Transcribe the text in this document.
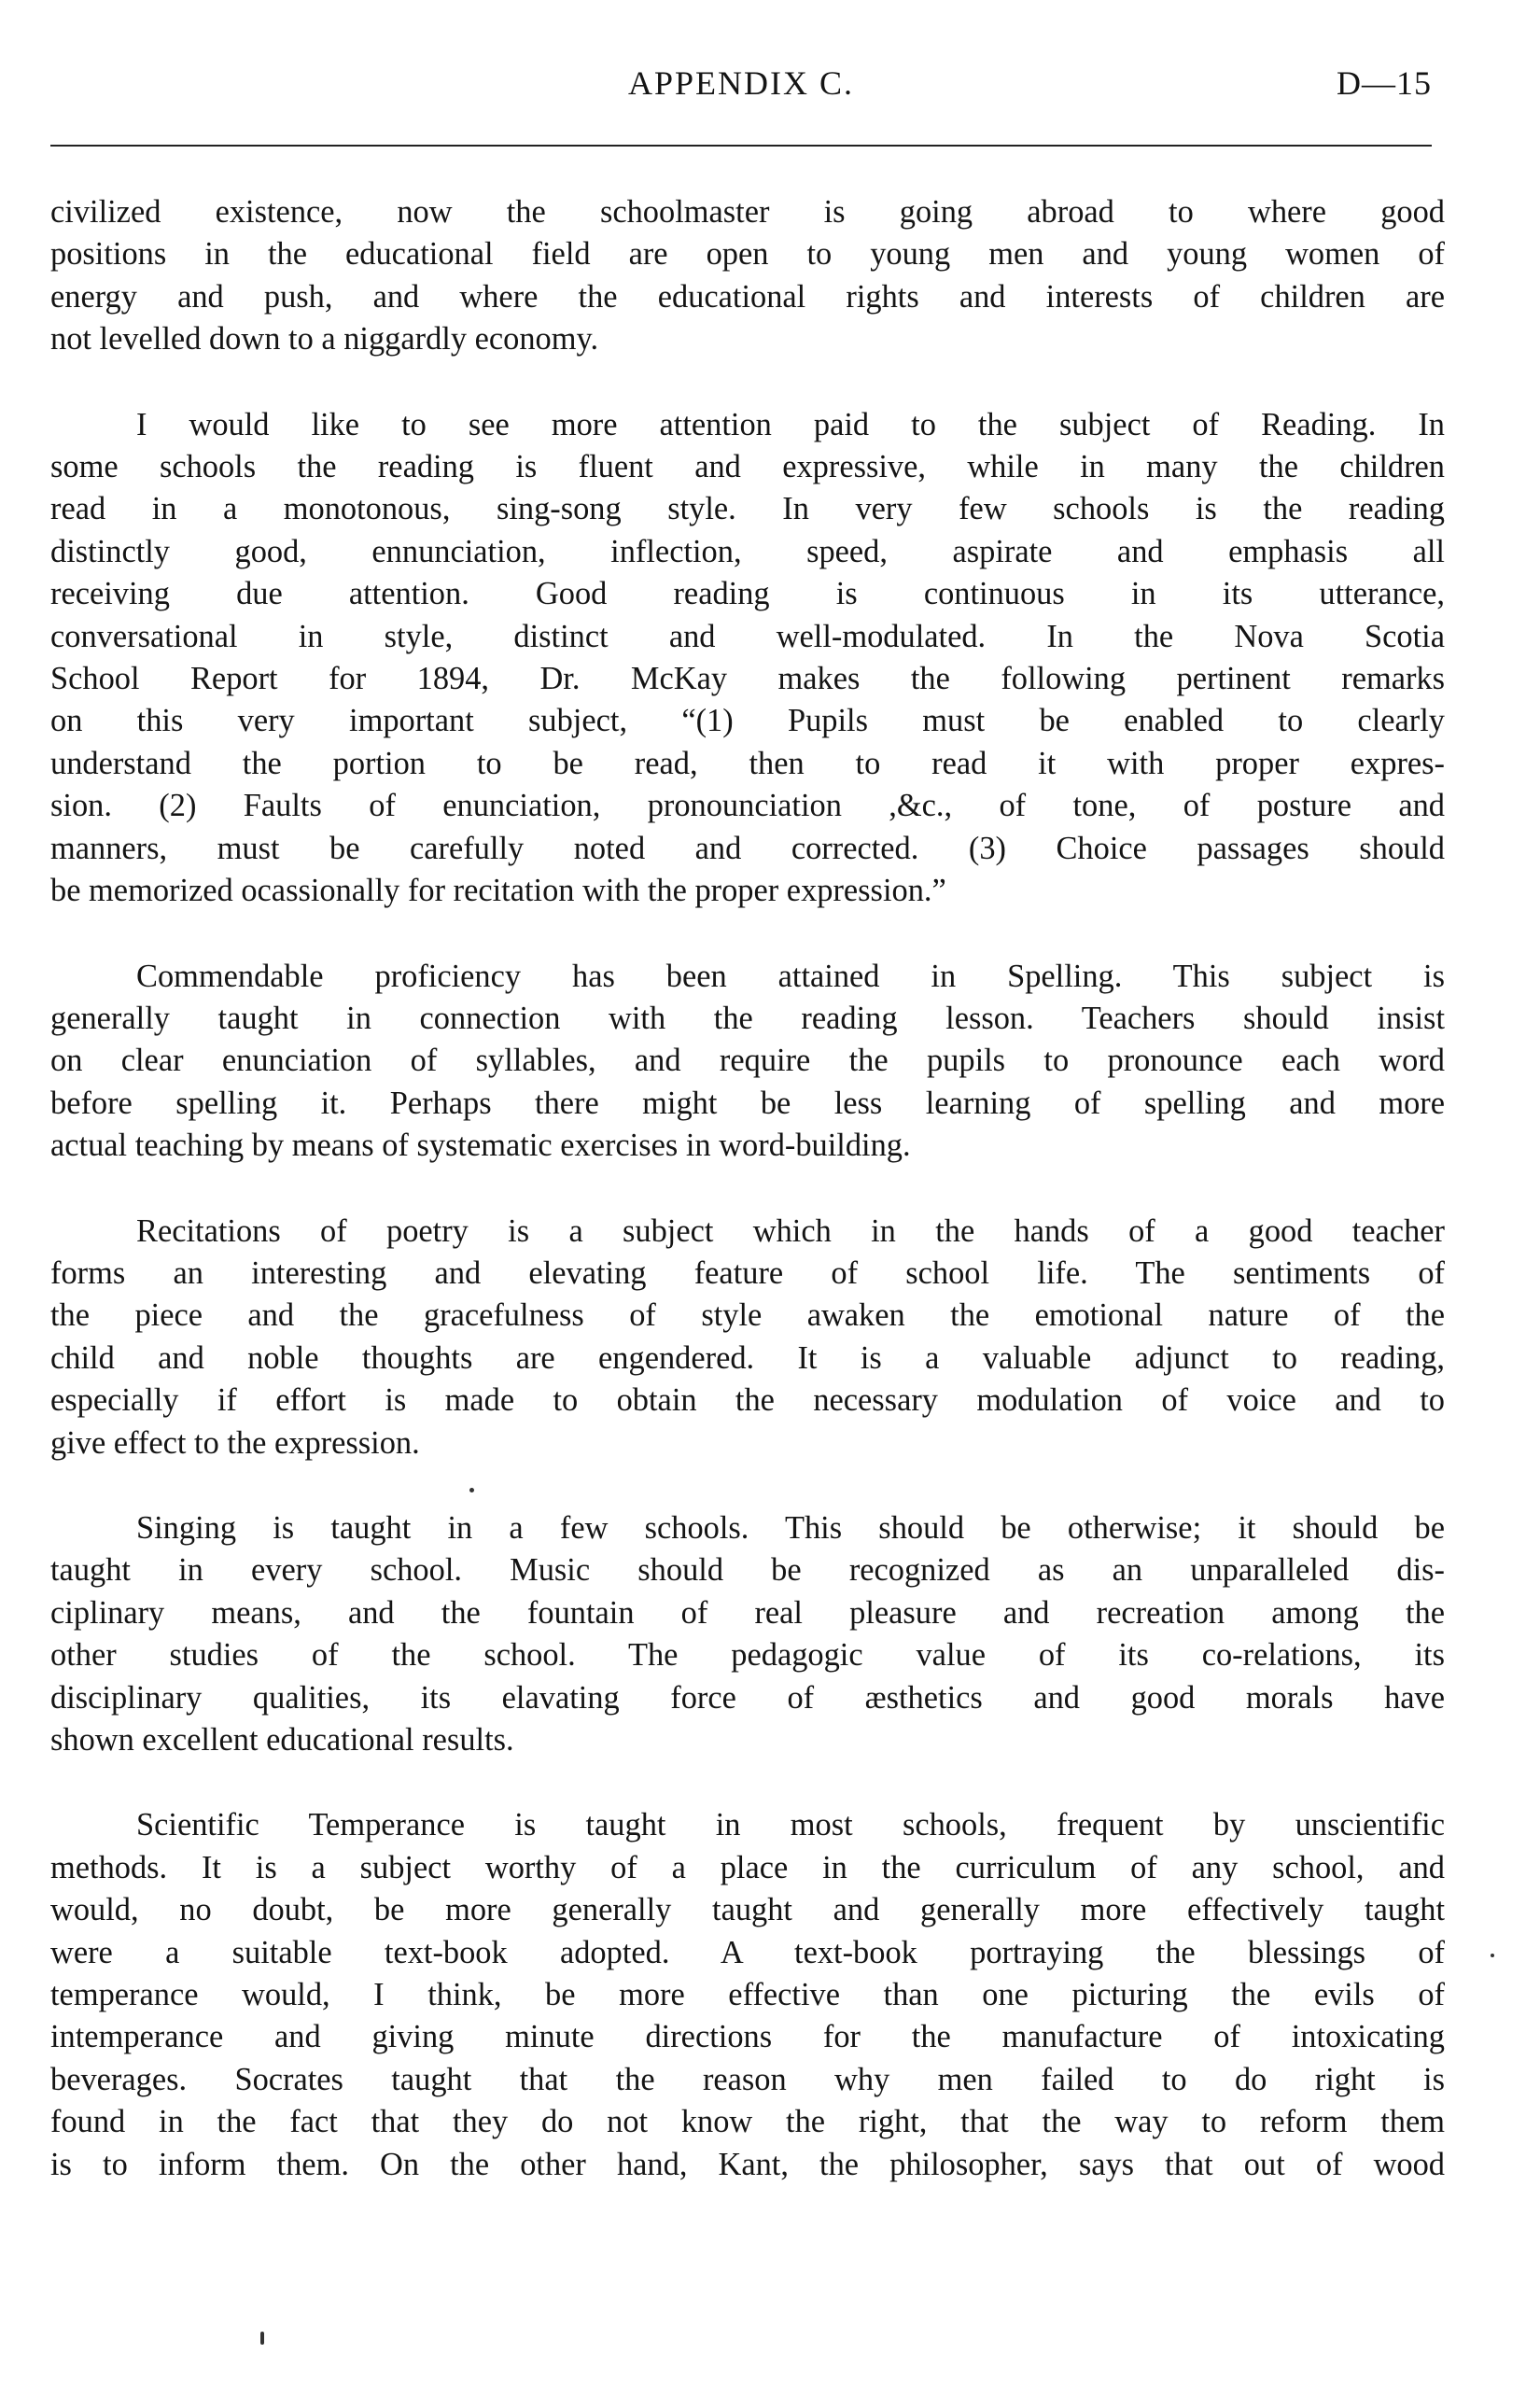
APPENDIX C.	D—15

civilized existence, now the schoolmaster is going abroad to where good
positions in the educational field are open to young men and young women of
energy and push, and where the educational rights and interests of children are
not levelled down to a niggardly economy.

I would like to see more attention paid to the subject of Reading. In
some schools the reading is fluent and expressive, while in many the children
read in a monotonous, sing-song style. In very few schools is the reading
distinctly good, ennunciation, inflection, speed, aspirate and emphasis all
receiving due attention. Good reading is continuous in its utterance,
conversational in style, distinct and well-modulated. In the Nova Scotia
School Report for 1894, Dr. McKay makes the following pertinent remarks
on this very important subject, “(1) Pupils must be enabled to clearly
understand the portion to be read, then to read it with proper expres-
sion. (2) Faults of enunciation, pronounciation ,&c., of tone, of posture and
manners, must be carefully noted and corrected. (3) Choice passages should
be memorized ocassionally for recitation with the proper expression.”

Commendable proficiency has been attained in Spelling. This subject is
generally taught in connection with the reading lesson. Teachers should insist
on clear enunciation of syllables, and require the pupils to pronounce each word
before spelling it. Perhaps there might be less learning of spelling and more
actual teaching by means of systematic exercises in word-building.

Recitations of poetry is a subject which in the hands of a good teacher
forms an interesting and elevating feature of school life. The sentiments of
the piece and the gracefulness of style awaken the emotional nature of the
child and noble thoughts are engendered. It is a valuable adjunct to reading,
especially if effort is made to obtain the necessary modulation of voice and to
give effect to the expression.

Singing is taught in a few schools. This should be otherwise; it should be
taught in every school. Music should be recognized as an unparalleled dis-
ciplinary means, and the fountain of real pleasure and recreation among the
other studies of the school. The pedagogic value of its co-relations, its
disciplinary qualities, its elavating force of æsthetics and good morals have
shown excellent educational results.

Scientific Temperance is taught in most schools, frequent by unscientific
methods. It is a subject worthy of a place in the curriculum of any school, and
would, no doubt, be more generally taught and generally more effectively taught
were a suitable text-book adopted. A text-book portraying the blessings of
temperance would, I think, be more effective than one picturing the evils of
intemperance and giving minute directions for the manufacture of intoxicating
beverages. Socrates taught that the reason why men failed to do right is
found in the fact that they do not know the right, that the way to reform them
is to inform them. On the other hand, Kant, the philosopher, says that out of wood
